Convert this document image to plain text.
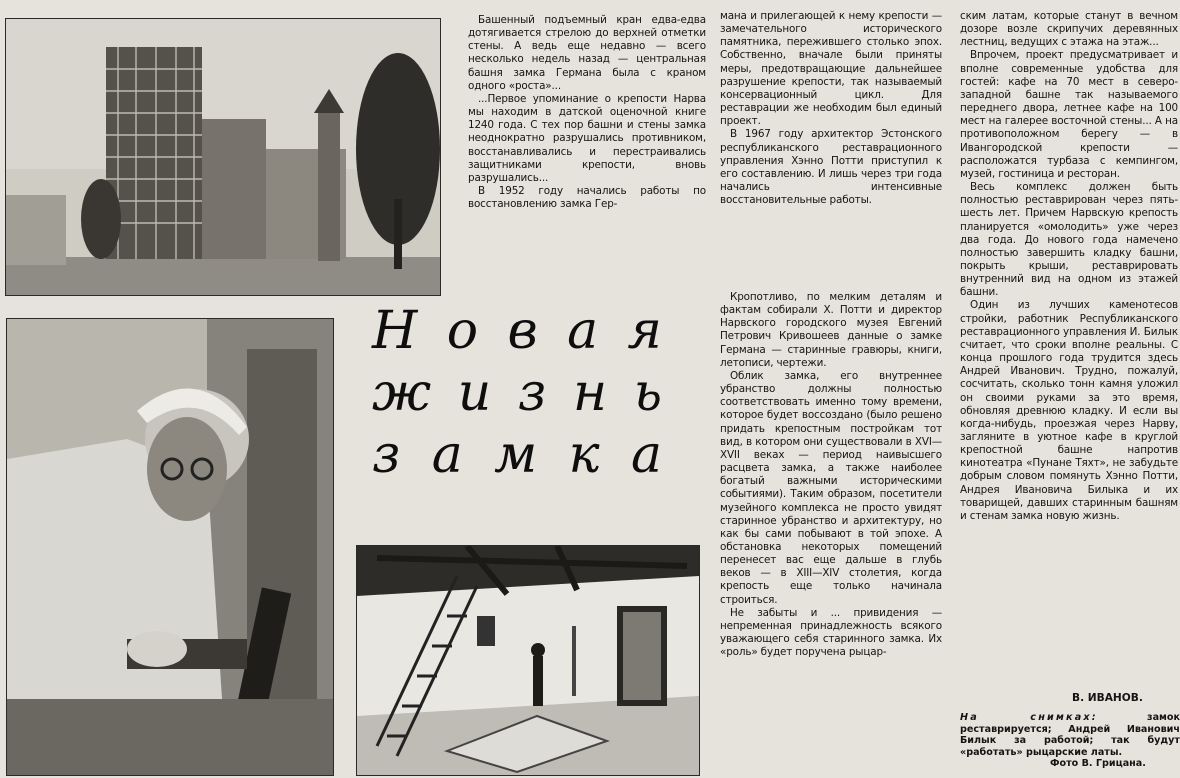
Н о в а я
ж и з н ь
з а м к а

Башенный подъемный кран едва-едва дотягивается стрелою до верхней отметки стены. А ведь еще недавно — всего несколько недель назад — центральная башня замка Германа была с краном одного «роста»...

...Первое упоминание о крепости Нарва мы находим в датской оценочной книге 1240 года. С тех пор башни и стены замка неоднократно разрушались противником, восстанавливались и перестраивались защитниками крепости, вновь разрушались...

В 1952 году начались работы по восстановлению замка Гер-

мана и прилегающей к нему крепости — замечательного исторического памятника, пережившего столько эпох. Собственно, вначале были приняты меры, предотвращающие дальнейшее разрушение крепости, так называемый консервационный цикл. Для реставрации же необходим был единый проект.

В 1967 году архитектор Эстонского республиканского реставрационного управления Хэнно Потти приступил к его составлению. И лишь через три года начались интенсивные восстановительные работы.

Кропотливо, по мелким деталям и фактам собирали Х. Потти и директор Нарвского городского музея Евгений Петрович Кривошеев данные о замке Германа — старинные гравюры, книги, летописи, чертежи.

Облик замка, его внутреннее убранство должны полностью соответствовать именно тому времени, которое будет воссоздано (было решено придать крепостным постройкам тот вид, в котором они существовали в XVI—XVII веках — период наивысшего расцвета замка, а также наиболее богатый важными историческими событиями). Таким образом, посетители музейного комплекса не просто увидят старинное убранство и архитектуру, но как бы сами побывают в той эпохе. А обстановка некоторых помещений перенесет вас еще дальше в глубь веков — в XIII—XIV столетия, когда крепость еще только начинала строиться.

Не забыты и ... привидения — непременная принадлежность всякого уважающего себя старинного замка. Их «роль» будет поручена рыцар-

ским латам, которые станут в вечном дозоре возле скрипучих деревянных лестниц, ведущих с этажа на этаж...

Впрочем, проект предусматривает и вполне современные удобства для гостей: кафе на 70 мест в северо-западной башне так называемого переднего двора, летнее кафе на 100 мест на галерее восточной стены... А на противоположном берегу — в Ивангородской крепости — расположатся турбаза с кемпингом, музей, гостиница и ресторан.

Весь комплекс должен быть полностью реставрирован через пять-шесть лет. Причем Нарвскую крепость планируется «омолодить» уже через два года. До нового года намечено полностью завершить кладку башни, покрыть крыши, реставрировать внутренний вид на одном из этажей башни.

Один из лучших каменотесов стройки, работник Республиканского реставрационного управления И. Билык считает, что сроки вполне реальны. С конца прошлого года трудится здесь Андрей Иванович. Трудно, пожалуй, сосчитать, сколько тонн камня уложил он своими руками за это время, обновляя древнюю кладку. И если вы когда-нибудь, проезжая через Нарву, загляните в уютное кафе в круглой крепостной башне напротив кинотеатра «Пунане Тяхт», не забудьте добрым словом помянуть Хэнно Потти, Андрея Ивановича Билыка и их товарищей, давших старинным башням и стенам замка новую жизнь.

В. ИВАНОВ.
На снимках:	замок реставрируется; Андрей Иванович Билык за работой; так будут «работать» рыцарские латы.
Фото В. Грицана.
